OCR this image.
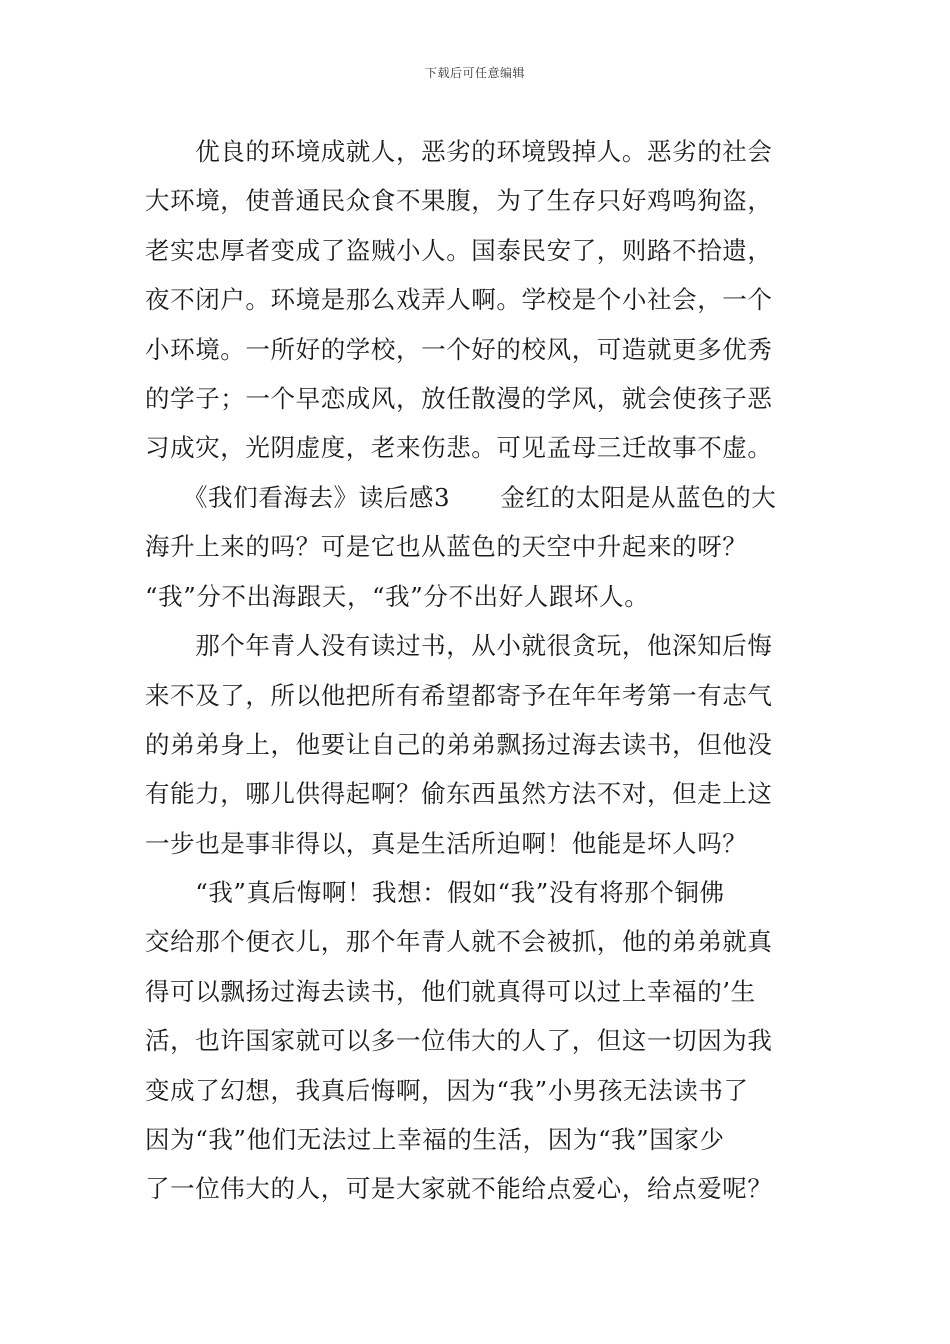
下载后可任意编辑
　　优良的环境成就人，恶劣的环境毁掉人。恶劣的社会
大环境，使普通民众食不果腹，为了生存只好鸡鸣狗盗，
老实忠厚者变成了盗贼小人。国泰民安了，则路不拾遗，
夜不闭户。环境是那么戏弄人啊。学校是个小社会，一个
小环境。一所好的学校，一个好的校风，可造就更多优秀
的学子；一个早恋成风，放任散漫的学风，就会使孩子恶
习成灾，光阴虚度，老来伤悲。可见孟母三迁故事不虚。
　　《我们看海去》读后感3　　金红的太阳是从蓝色的大
海升上来的吗？可是它也从蓝色的天空中升起来的呀？
“我”分不出海跟天，“我”分不出好人跟坏人。
　　那个年青人没有读过书，从小就很贪玩，他深知后悔
来不及了，所以他把所有希望都寄予在年年考第一有志气
的弟弟身上，他要让自己的弟弟飘扬过海去读书，但他没
有能力，哪儿供得起啊？偷东西虽然方法不对，但走上这
一步也是事非得以，真是生活所迫啊！他能是坏人吗？
　　“我”真后悔啊！我想：假如“我”没有将那个铜佛
交给那个便衣儿，那个年青人就不会被抓，他的弟弟就真
得可以飘扬过海去读书，他们就真得可以过上幸福的’生
活，也许国家就可以多一位伟大的人了，但这一切因为我
变成了幻想，我真后悔啊，因为“我”小男孩无法读书了
因为“我”他们无法过上幸福的生活，因为“我”国家少
了一位伟大的人，可是大家就不能给点爱心，给点爱呢？
